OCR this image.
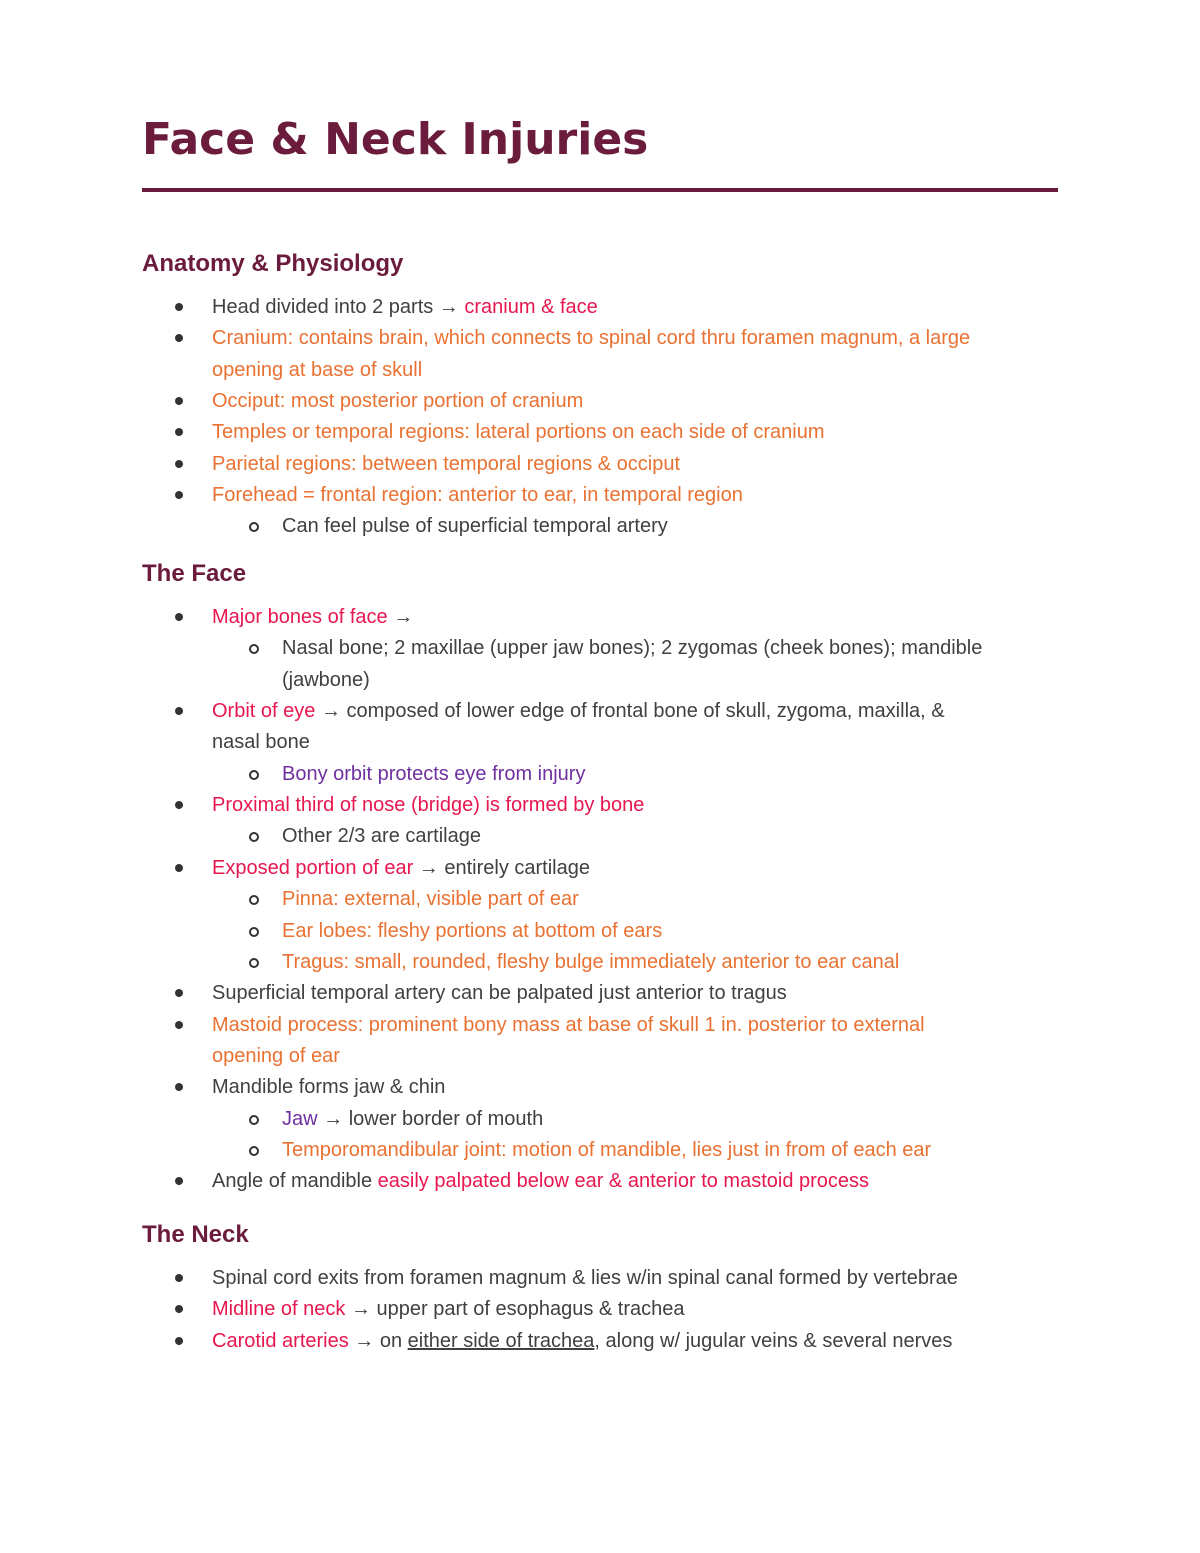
Face & Neck Injuries
Anatomy & Physiology
Head divided into 2 parts → cranium & face
Cranium: contains brain, which connects to spinal cord thru foramen magnum, a large
opening at base of skull
Occiput: most posterior portion of cranium
Temples or temporal regions: lateral portions on each side of cranium
Parietal regions: between temporal regions & occiput
Forehead = frontal region: anterior to ear, in temporal region
Can feel pulse of superficial temporal artery
The Face
Major bones of face →
Nasal bone; 2 maxillae (upper jaw bones); 2 zygomas (cheek bones); mandible
(jawbone)
Orbit of eye → composed of lower edge of frontal bone of skull, zygoma, maxilla, &
nasal bone
Bony orbit protects eye from injury
Proximal third of nose (bridge) is formed by bone
Other 2/3 are cartilage
Exposed portion of ear → entirely cartilage
Pinna: external, visible part of ear
Ear lobes: fleshy portions at bottom of ears
Tragus: small, rounded, fleshy bulge immediately anterior to ear canal
Superficial temporal artery can be palpated just anterior to tragus
Mastoid process: prominent bony mass at base of skull 1 in. posterior to external
opening of ear
Mandible forms jaw & chin
Jaw → lower border of mouth
Temporomandibular joint: motion of mandible, lies just in from of each ear
Angle of mandible easily palpated below ear & anterior to mastoid process
The Neck
Spinal cord exits from foramen magnum & lies w/in spinal canal formed by vertebrae
Midline of neck → upper part of esophagus & trachea
Carotid arteries → on either side of trachea, along w/ jugular veins & several nerves
